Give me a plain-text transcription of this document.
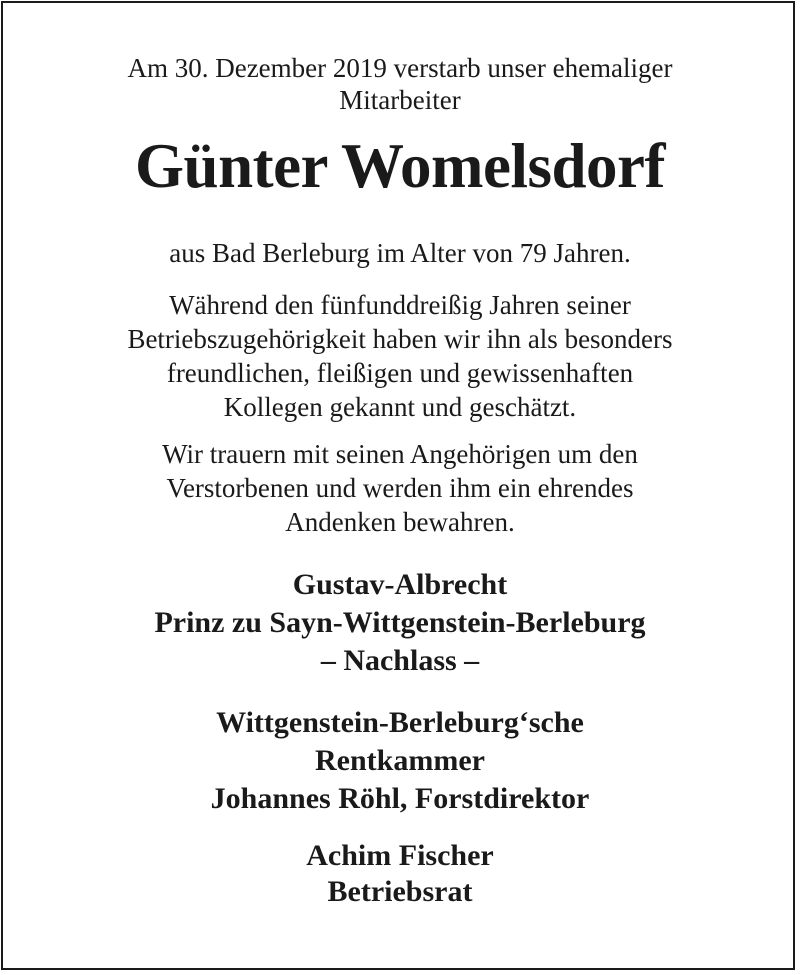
Am 30. Dezember 2019 verstarb unser ehemaliger
Mitarbeiter

Günter Womelsdorf

aus Bad Berleburg im Alter von 79 Jahren.

Während den fünfunddreißig Jahren seiner
Betriebszugehörigkeit haben wir ihn als besonders
freundlichen, fleißigen und gewissenhaften
Kollegen gekannt und geschätzt.

Wir trauern mit seinen Angehörigen um den
Verstorbenen und werden ihm ein ehrendes
Andenken bewahren.

Gustav-Albrecht
Prinz zu Sayn-Wittgenstein-Berleburg
– Nachlass –

Wittgenstein-Berleburg‘sche
Rentkammer
Johannes Röhl, Forstdirektor

Achim Fischer
Betriebsrat
